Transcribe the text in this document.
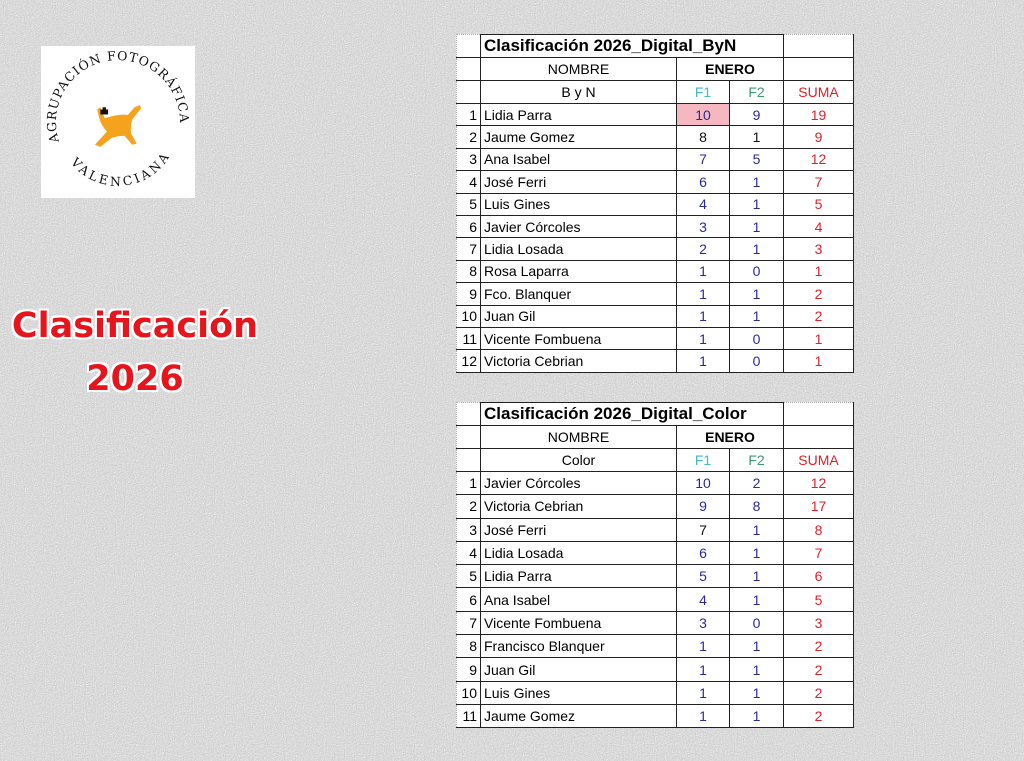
AGRUPACIÓN FOTOGRÁFICA
VALENCIANA
Clasificación
2026
	Clasificación 2026_Digital_ByN			
	NOMBRE	ENERO		
	B y N	F1	F2	SUMA
1	Lidia Parra	10	9	19
2	Jaume Gomez	8	1	9
3	Ana Isabel	7	5	12
4	José Ferri	6	1	7
5	Luis Gines	4	1	5
6	Javier Córcoles	3	1	4
7	Lidia Losada	2	1	3
8	Rosa Laparra	1	0	1
9	Fco. Blanquer	1	1	2
10	Juan Gil	1	1	2
11	Vicente Fombuena	1	0	1
12	Victoria Cebrian	1	0	1
	Clasificación 2026_Digital_Color			
	NOMBRE	ENERO		
	Color	F1	F2	SUMA
1	Javier Córcoles	10	2	12
2	Victoria Cebrian	9	8	17
3	José Ferri	7	1	8
4	Lidia Losada	6	1	7
5	Lidia Parra	5	1	6
6	Ana Isabel	4	1	5
7	Vicente Fombuena	3	0	3
8	Francisco Blanquer	1	1	2
9	Juan Gil	1	1	2
10	Luis Gines	1	1	2
11	Jaume Gomez	1	1	2
